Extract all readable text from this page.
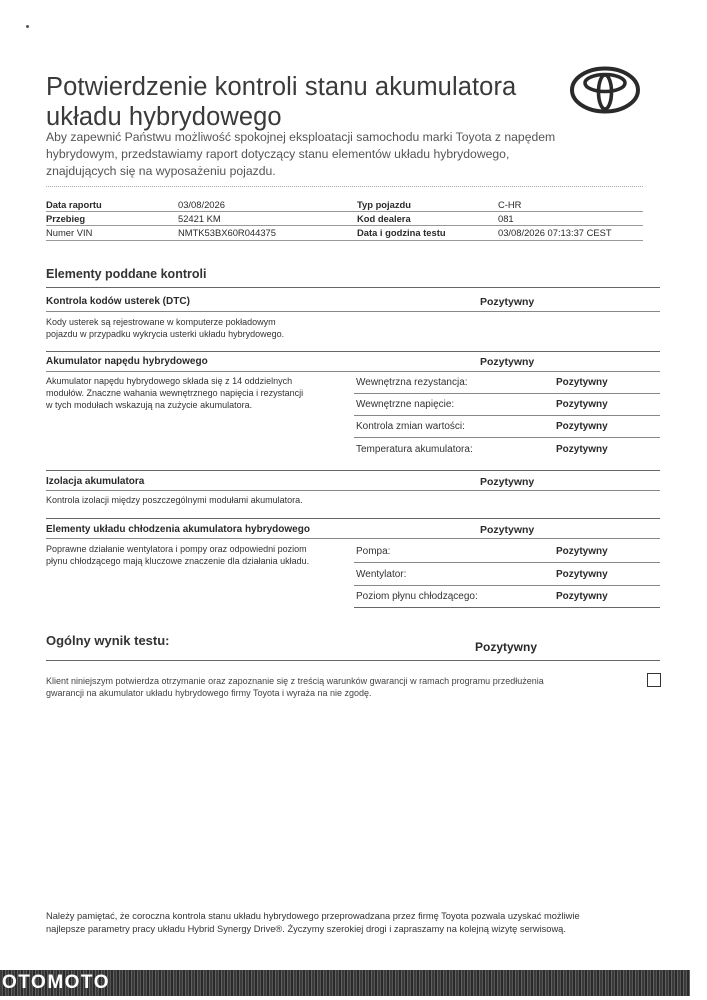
Potwierdzenie kontroli stanu akumulatora
układu hybrydowego
Aby zapewnić Państwu możliwość spokojnej eksploatacji samochodu marki Toyota z napędem hybrydowym, przedstawiamy raport dotyczący stanu elementów układu hybrydowego, znajdujących się na wyposażeniu pojazdu.
Data raportu	03/08/2026	Typ pojazdu	C-HR
Przebieg	52421 KM	Kod dealera	081
Numer VIN	NMTK53BX60R044375	Data i godzina testu	03/08/2026 07:13:37 CEST
Elementy poddane kontroli
Kontrola kodów usterek (DTC)	Pozytywny
Kody usterek są rejestrowane w komputerze pokładowym
pojazdu w przypadku wykrycia usterki układu hybrydowego.
Akumulator napędu hybrydowego	Pozytywny
Akumulator napędu hybrydowego składa się z 14 oddzielnych
modułów. Znaczne wahania wewnętrznego napięcia i rezystancji
w tych modułach wskazują na zużycie akumulatora.
Wewnętrzna rezystancja:	Pozytywny
Wewnętrzne napięcie:	Pozytywny
Kontrola zmian wartości:	Pozytywny
Temperatura akumulatora:	Pozytywny
Izolacja akumulatora	Pozytywny
Kontrola izolacji między poszczególnymi modułami akumulatora.
Elementy układu chłodzenia akumulatora hybrydowego	Pozytywny
Poprawne działanie wentylatora i pompy oraz odpowiedni poziom
płynu chłodzącego mają kluczowe znaczenie dla działania układu.
Pompa:	Pozytywny
Wentylator:	Pozytywny
Poziom płynu chłodzącego:	Pozytywny
Ogólny wynik testu:	Pozytywny
Klient niniejszym potwierdza otrzymanie oraz zapoznanie się z treścią warunków gwarancji w ramach programu przedłużenia
gwarancji na akumulator układu hybrydowego firmy Toyota i wyraża na nie zgodę.
Należy pamiętać, że coroczna kontrola stanu układu hybrydowego przeprowadzana przez firmę Toyota pozwala uzyskać możliwie
najlepsze parametry pracy układu Hybrid Synergy Drive®. Życzymy szerokiej drogi i zapraszamy na kolejną wizytę serwisową.
OTOMOTO
